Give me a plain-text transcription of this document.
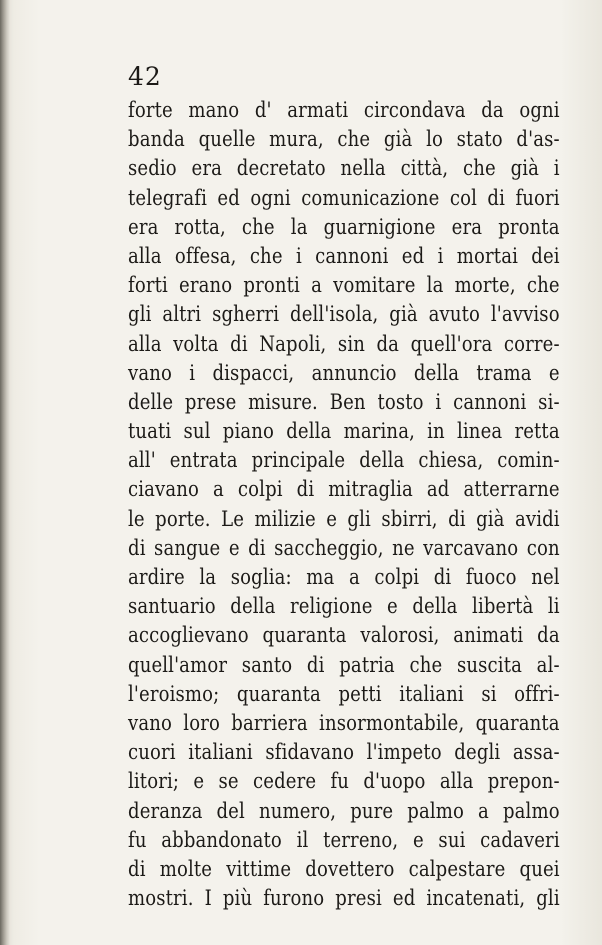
42
forte mano d' armati circondava da ogni
banda quelle mura, che già lo stato d'as-
sedio era decretato nella città, che già i
telegrafi ed ogni comunicazione col di fuori
era rotta, che la guarnigione era pronta
alla offesa, che i cannoni ed i mortai dei
forti erano pronti a vomitare la morte, che
gli altri sgherri dell'isola, già avuto l'avviso
alla volta di Napoli, sin da quell'ora corre-
vano i dispacci, annuncio della trama e
delle prese misure. Ben tosto i cannoni si-
tuati sul piano della marina, in linea retta
all' entrata principale della chiesa, comin-
ciavano a colpi di mitraglia ad atterrarne
le porte. Le milizie e gli sbirri, di già avidi
di sangue e di saccheggio, ne varcavano con
ardire la soglia: ma a colpi di fuoco nel
santuario della religione e della libertà li
accoglievano quaranta valorosi, animati da
quell'amor santo di patria che suscita al-
l'eroismo; quaranta petti italiani si offri-
vano loro barriera insormontabile, quaranta
cuori italiani sfidavano l'impeto degli assa-
litori; e se cedere fu d'uopo alla prepon-
deranza del numero, pure palmo a palmo
fu abbandonato il terreno, e sui cadaveri
di molte vittime dovettero calpestare quei
mostri. I più furono presi ed incatenati, gli
